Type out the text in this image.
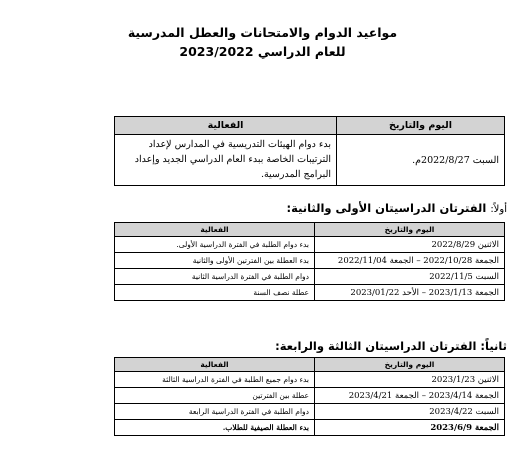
مواعيد الدوام والامتحانات والعطل المدرسية
للعام الدراسي 2023/2022
اليوم والتاريخ	الفعالية
السبت 2022/8/27م.	بدء دوام الهيئات التدريسية في المدارس لإعداد الترتيبات الخاصة ببدء العام الدراسي الجديد وإعداد البرامج المدرسية.
أولاً: الفترتان الدراسيتان الأولى والثانية:
اليوم والتاريخ	الفعالية
الاثنين 2022/8/29	بدء دوام الطلبة في الفترة الدراسية الأولى.
الجمعة 2022/10/28 – الجمعة 2022/11/04	بدء العطلة بين الفترتين الأولى والثانية
السبت 2022/11/5	دوام الطلبة في الفترة الدراسية الثانية
الجمعة 2023/1/13 – الأحد 2023/01/22	عطلة نصف السنة
ثانياً: الفترتان الدراسيتان الثالثة والرابعة:
اليوم والتاريخ	الفعالية
الاثنين 2023/1/23	بدء دوام جميع الطلبة في الفترة الدراسية الثالثة
الجمعة 2023/4/14 – الجمعة 2023/4/21	عطلة بين الفترتين
السبت 2023/4/22	دوام الطلبة في الفترة الدراسية الرابعة
الجمعة 2023/6/9	بدء العطلة الصيفية للطلاب.
